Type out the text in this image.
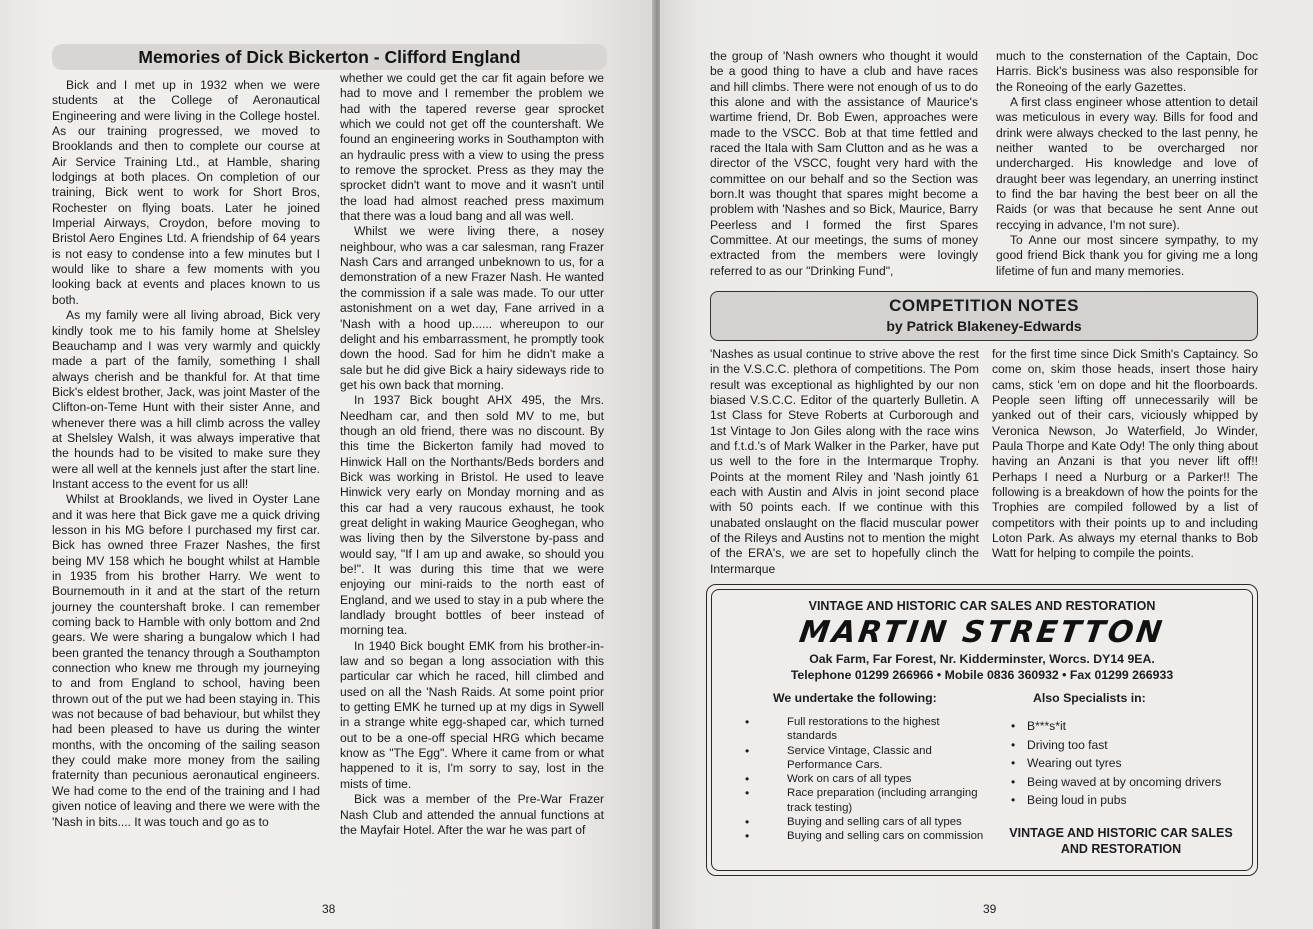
Memories of Dick Bickerton - Clifford England

Bick and I met up in 1932 when we were students at the College of Aeronautical Engineering and were living in the College hostel. As our training progressed, we moved to Brooklands and then to complete our course at Air Service Training Ltd., at Hamble, sharing lodgings at both places. On completion of our training, Bick went to work for Short Bros, Rochester on flying boats. Later he joined Imperial Airways, Croydon, before moving to Bristol Aero Engines Ltd. A friendship of 64 years is not easy to condense into a few minutes but I would like to share a few moments with you looking back at events and places known to us both.

As my family were all living abroad, Bick very kindly took me to his family home at Shelsley Beauchamp and I was very warmly and quickly made a part of the family, something I shall always cherish and be thankful for. At that time Bick's eldest brother, Jack, was joint Master of the Clifton-on-Teme Hunt with their sister Anne, and whenever there was a hill climb across the valley at Shelsley Walsh, it was always imperative that the hounds had to be visited to make sure they were all well at the kennels just after the start line. Instant access to the event for us all!

Whilst at Brooklands, we lived in Oyster Lane and it was here that Bick gave me a quick driving lesson in his MG before I purchased my first car. Bick has owned three Frazer Nashes, the first being MV 158 which he bought whilst at Hamble in 1935 from his brother Harry. We went to Bournemouth in it and at the start of the return journey the countershaft broke. I can remember coming back to Hamble with only bottom and 2nd gears. We were sharing a bungalow which I had been granted the tenancy through a Southampton connection who knew me through my journeying to and from England to school, having been thrown out of the put we had been staying in. This was not because of bad behaviour, but whilst they had been pleased to have us during the winter months, with the oncoming of the sailing season they could make more money from the sailing fraternity than pecunious aeronautical engineers. We had come to the end of the training and I had given notice of leaving and there we were with the 'Nash in bits.... It was touch and go as to

whether we could get the car fit again before we had to move and I remember the problem we had with the tapered reverse gear sprocket which we could not get off the countershaft. We found an engineering works in Southampton with an hydraulic press with a view to using the press to remove the sprocket. Press as they may the sprocket didn't want to move and it wasn't until the load had almost reached press maximum that there was a loud bang and all was well.

Whilst we were living there, a nosey neighbour, who was a car salesman, rang Frazer Nash Cars and arranged unbeknown to us, for a demonstration of a new Frazer Nash. He wanted the commission if a sale was made. To our utter astonishment on a wet day, Fane arrived in a 'Nash with a hood up...... whereupon to our delight and his embarrassment, he promptly took down the hood. Sad for him he didn't make a sale but he did give Bick a hairy sideways ride to get his own back that morning.

In 1937 Bick bought AHX 495, the Mrs. Needham car, and then sold MV to me, but though an old friend, there was no discount. By this time the Bickerton family had moved to Hinwick Hall on the Northants/Beds borders and Bick was working in Bristol. He used to leave Hinwick very early on Monday morning and as this car had a very raucous exhaust, he took great delight in waking Maurice Geoghegan, who was living then by the Silverstone by-pass and would say, "If I am up and awake, so should you be!". It was during this time that we were enjoying our mini-raids to the north east of England, and we used to stay in a pub where the landlady brought bottles of beer instead of morning tea.

In 1940 Bick bought EMK from his brother-in-law and so began a long association with this particular car which he raced, hill climbed and used on all the 'Nash Raids. At some point prior to getting EMK he turned up at my digs in Sywell in a strange white egg-shaped car, which turned out to be a one-off special HRG which became know as "The Egg". Where it came from or what happened to it is, I'm sorry to say, lost in the mists of time.

Bick was a member of the Pre-War Frazer Nash Club and attended the annual functions at the Mayfair Hotel. After the war he was part of

38

the group of 'Nash owners who thought it would be a good thing to have a club and have races and hill climbs. There were not enough of us to do this alone and with the assistance of Maurice's wartime friend, Dr. Bob Ewen, approaches were made to the VSCC. Bob at that time fettled and raced the Itala with Sam Clutton and as he was a director of the VSCC, fought very hard with the committee on our behalf and so the Section was born.It was thought that spares might become a problem with 'Nashes and so Bick, Maurice, Barry Peerless and I formed the first Spares Committee. At our meetings, the sums of money extracted from the members were lovingly referred to as our "Drinking Fund",

much to the consternation of the Captain, Doc Harris. Bick's business was also responsible for the Roneoing of the early Gazettes.

A first class engineer whose attention to detail was meticulous in every way. Bills for food and drink were always checked to the last penny, he neither wanted to be overcharged nor undercharged. His knowledge and love of draught beer was legendary, an unerring instinct to find the bar having the best beer on all the Raids (or was that because he sent Anne out reccying in advance, I'm not sure).

To Anne our most sincere sympathy, to my good friend Bick thank you for giving me a long lifetime of fun and many memories.

COMPETITION NOTES
by Patrick Blakeney-Edwards

'Nashes as usual continue to strive above the rest in the V.S.C.C. plethora of competitions. The Pom result was exceptional as highlighted by our non biased V.S.C.C. Editor of the quarterly Bulletin. A 1st Class for Steve Roberts at Curborough and 1st Vintage to Jon Giles along with the race wins and f.t.d.'s of Mark Walker in the Parker, have put us well to the fore in the Intermarque Trophy. Points at the moment Riley and 'Nash jointly 61 each with Austin and Alvis in joint second place with 50 points each. If we continue with this unabated onslaught on the flacid muscular power of the Rileys and Austins not to mention the might of the ERA's, we are set to hopefully clinch the Intermarque

for the first time since Dick Smith's Captaincy. So come on, skim those heads, insert those hairy cams, stick 'em on dope and hit the floorboards. People seen lifting off unnecessarily will be yanked out of their cars, viciously whipped by Veronica Newson, Jo Waterfield, Jo Winder, Paula Thorpe and Kate Ody! The only thing about having an Anzani is that you never lift off!! Perhaps I need a Nurburg or a Parker!! The following is a breakdown of how the points for the Trophies are compiled followed by a list of competitors with their points up to and including Loton Park. As always my eternal thanks to Bob Watt for helping to compile the points.

VINTAGE AND HISTORIC CAR SALES AND RESTORATION
MARTIN STRETTON
Oak Farm, Far Forest, Nr. Kidderminster, Worcs. DY14 9EA.
Telephone 01299 266966 • Mobile 0836 360932 • Fax 01299 266933
We undertake the following:
•	Full restorations to the highest standards
•	Service Vintage, Classic and Performance Cars.
•	Work on cars of all types
•	Race preparation (including arranging track testing)
•	Buying and selling cars of all types
•	Buying and selling cars on commission
Also Specialists in:
• B***s*it
• Driving too fast
• Wearing out tyres
• Being waved at by oncoming drivers
• Being loud in pubs
VINTAGE AND HISTORIC CAR SALES AND RESTORATION
39
